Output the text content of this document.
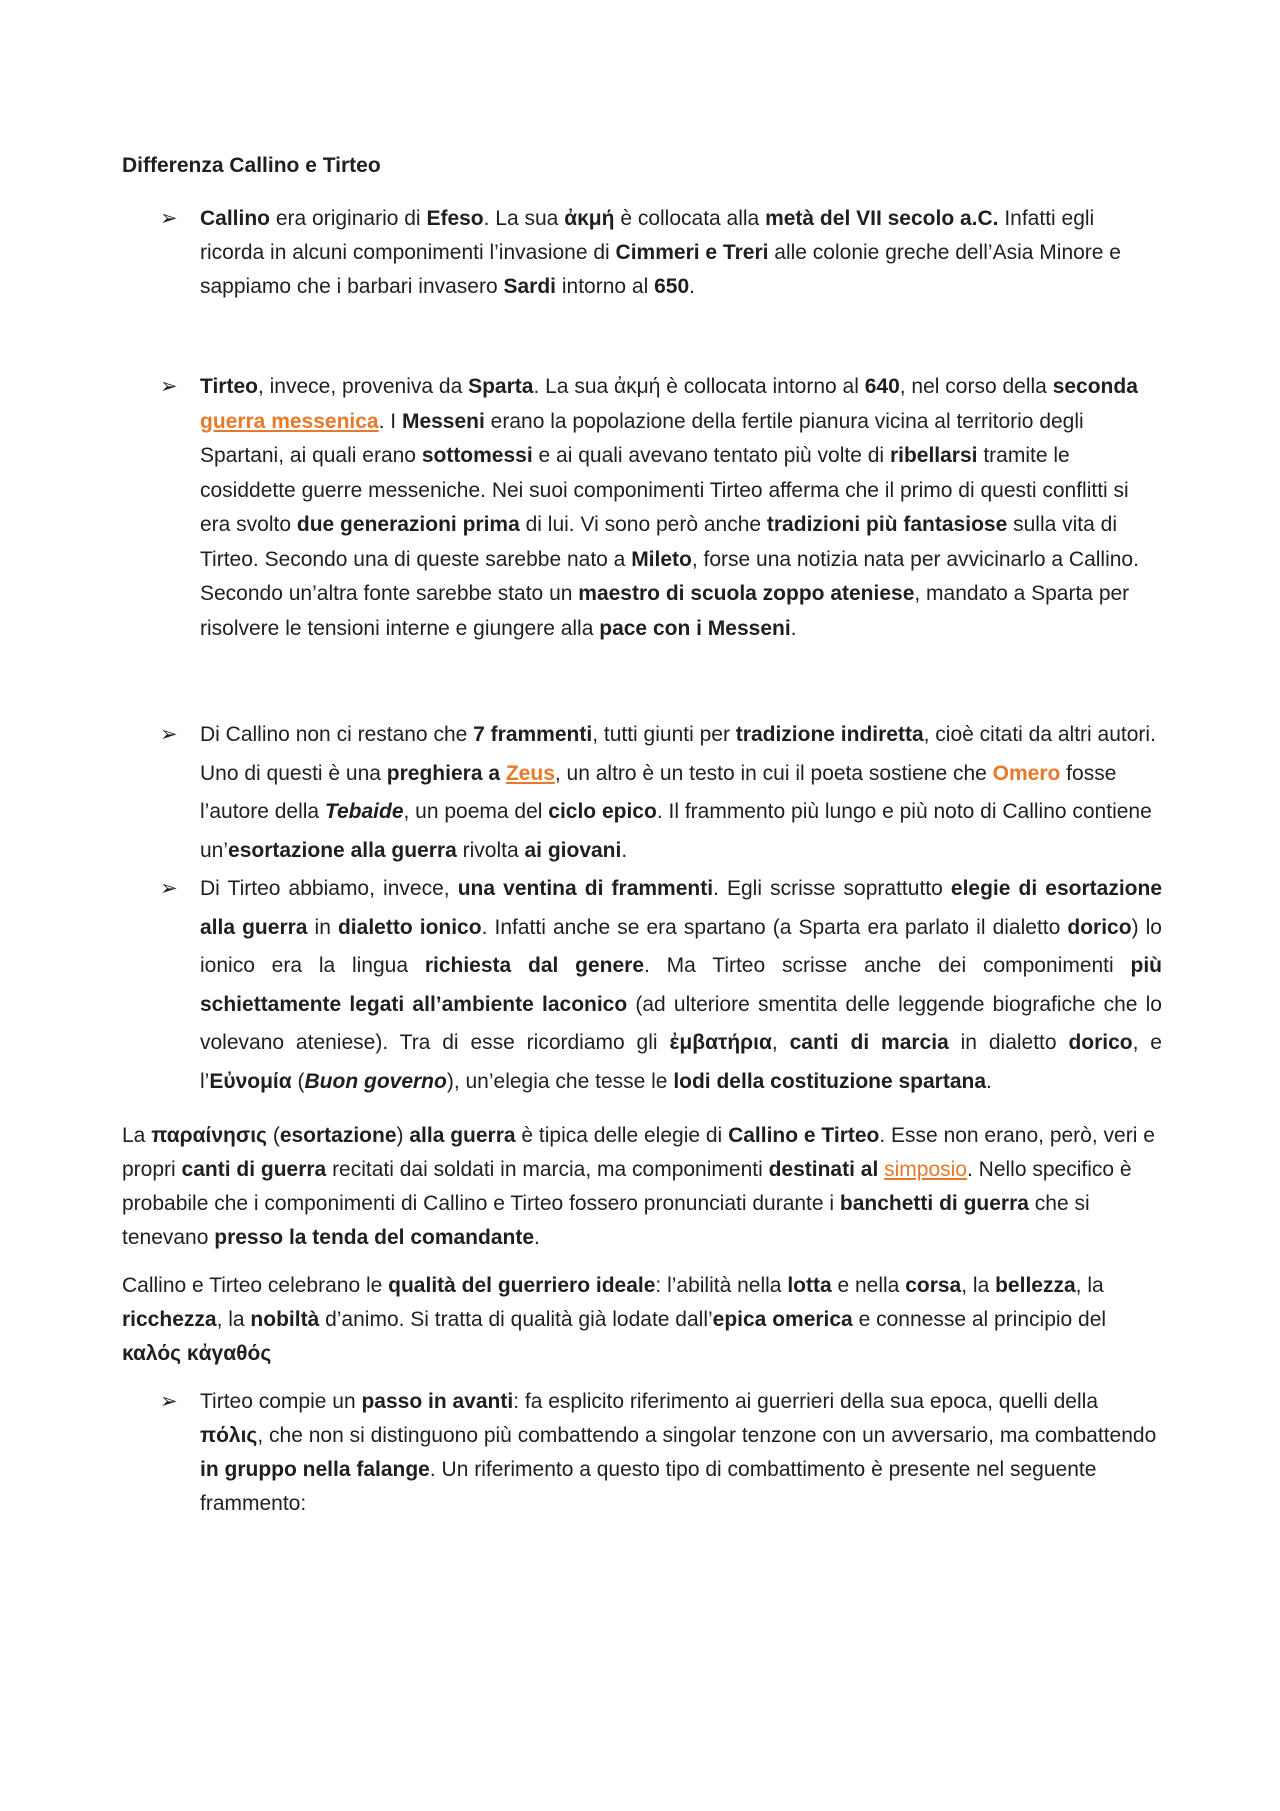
Differenza Callino e Tirteo
➢ Callino era originario di Efeso. La sua ἀκμή è collocata alla metà del VII secolo a.C. Infatti egli ricorda in alcuni componimenti l’invasione di Cimmeri e Treri alle colonie greche dell’Asia Minore e sappiamo che i barbari invasero Sardi intorno al 650.
➢ Tirteo, invece, proveniva da Sparta. La sua ἀκμή è collocata intorno al 640, nel corso della seconda guerra messenica. I Messeni erano la popolazione della fertile pianura vicina al territorio degli Spartani, ai quali erano sottomessi e ai quali avevano tentato più volte di ribellarsi tramite le cosiddette guerre messeniche. Nei suoi componimenti Tirteo afferma che il primo di questi conflitti si era svolto due generazioni prima di lui. Vi sono però anche tradizioni più fantasiose sulla vita di Tirteo. Secondo una di queste sarebbe nato a Mileto, forse una notizia nata per avvicinarlo a Callino. Secondo un’altra fonte sarebbe stato un maestro di scuola zoppo ateniese, mandato a Sparta per risolvere le tensioni interne e giungere alla pace con i Messeni.
➢ Di Callino non ci restano che 7 frammenti, tutti giunti per tradizione indiretta, cioè citati da altri autori. Uno di questi è una preghiera a Zeus, un altro è un testo in cui il poeta sostiene che Omero fosse l’autore della Tebaide, un poema del ciclo epico. Il frammento più lungo e più noto di Callino contiene un’esortazione alla guerra rivolta ai giovani.
➢ Di Tirteo abbiamo, invece, una ventina di frammenti. Egli scrisse soprattutto elegie di esortazione alla guerra in dialetto ionico. Infatti anche se era spartano (a Sparta era parlato il dialetto dorico) lo ionico era la lingua richiesta dal genere. Ma Tirteo scrisse anche dei componimenti più schiettamente legati all’ambiente laconico (ad ulteriore smentita delle leggende biografiche che lo volevano ateniese). Tra di esse ricordiamo gli ἐμβατήρια, canti di marcia in dialetto dorico, e l’Εὐνομία (Buon governo), un’elegia che tesse le lodi della costituzione spartana.

La παραίνησις (esortazione) alla guerra è tipica delle elegie di Callino e Tirteo. Esse non erano, però, veri e propri canti di guerra recitati dai soldati in marcia, ma componimenti destinati al simposio. Nello specifico è probabile che i componimenti di Callino e Tirteo fossero pronunciati durante i banchetti di guerra che si tenevano presso la tenda del comandante.

Callino e Tirteo celebrano le qualità del guerriero ideale: l’abilità nella lotta e nella corsa, la bellezza, la ricchezza, la nobiltà d’animo. Si tratta di qualità già lodate dall’epica omerica e connesse al principio del καλός κἀγαθός

➢ Tirteo compie un passo in avanti: fa esplicito riferimento ai guerrieri della sua epoca, quelli della πόλις, che non si distinguono più combattendo a singolar tenzone con un avversario, ma combattendo in gruppo nella falange. Un riferimento a questo tipo di combattimento è presente nel seguente frammento:
